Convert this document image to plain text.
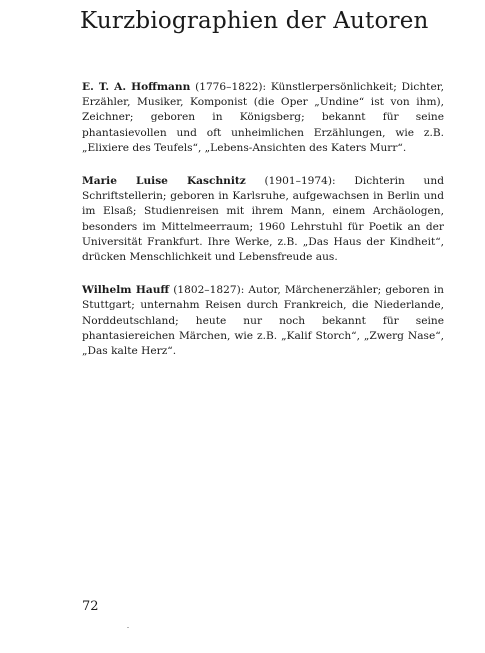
Kurzbiographien der Autoren

E. T. A. Hoffmann (1776–1822): Künstlerpersönlichkeit; Dichter, Erzähler, Musiker, Komponist (die Oper „Undine“ ist von ihm), Zeichner; geboren in Königsberg; bekannt für seine phantasievollen und oft unheimlichen Erzählungen, wie z.B. „Elixiere des Teufels“, „Lebens-Ansichten des Katers Murr“.

Marie Luise Kaschnitz (1901–1974): Dichterin und Schriftstellerin; geboren in Karlsruhe, aufgewachsen in Berlin und im Elsaß; Studienreisen mit ihrem Mann, einem Archäologen, besonders im Mittelmeerraum; 1960 Lehrstuhl für Poetik an der Universität Frankfurt. Ihre Werke, z.B. „Das Haus der Kindheit“, drücken Menschlichkeit und Lebensfreude aus.

Wilhelm Hauff (1802–1827): Autor, Märchenerzähler; geboren in Stuttgart; unternahm Reisen durch Frankreich, die Niederlande, Norddeutschland; heute nur noch bekannt für seine phantasiereichen Märchen, wie z.B. „Kalif Storch“, „Zwerg Nase“, „Das kalte Herz“.

72
